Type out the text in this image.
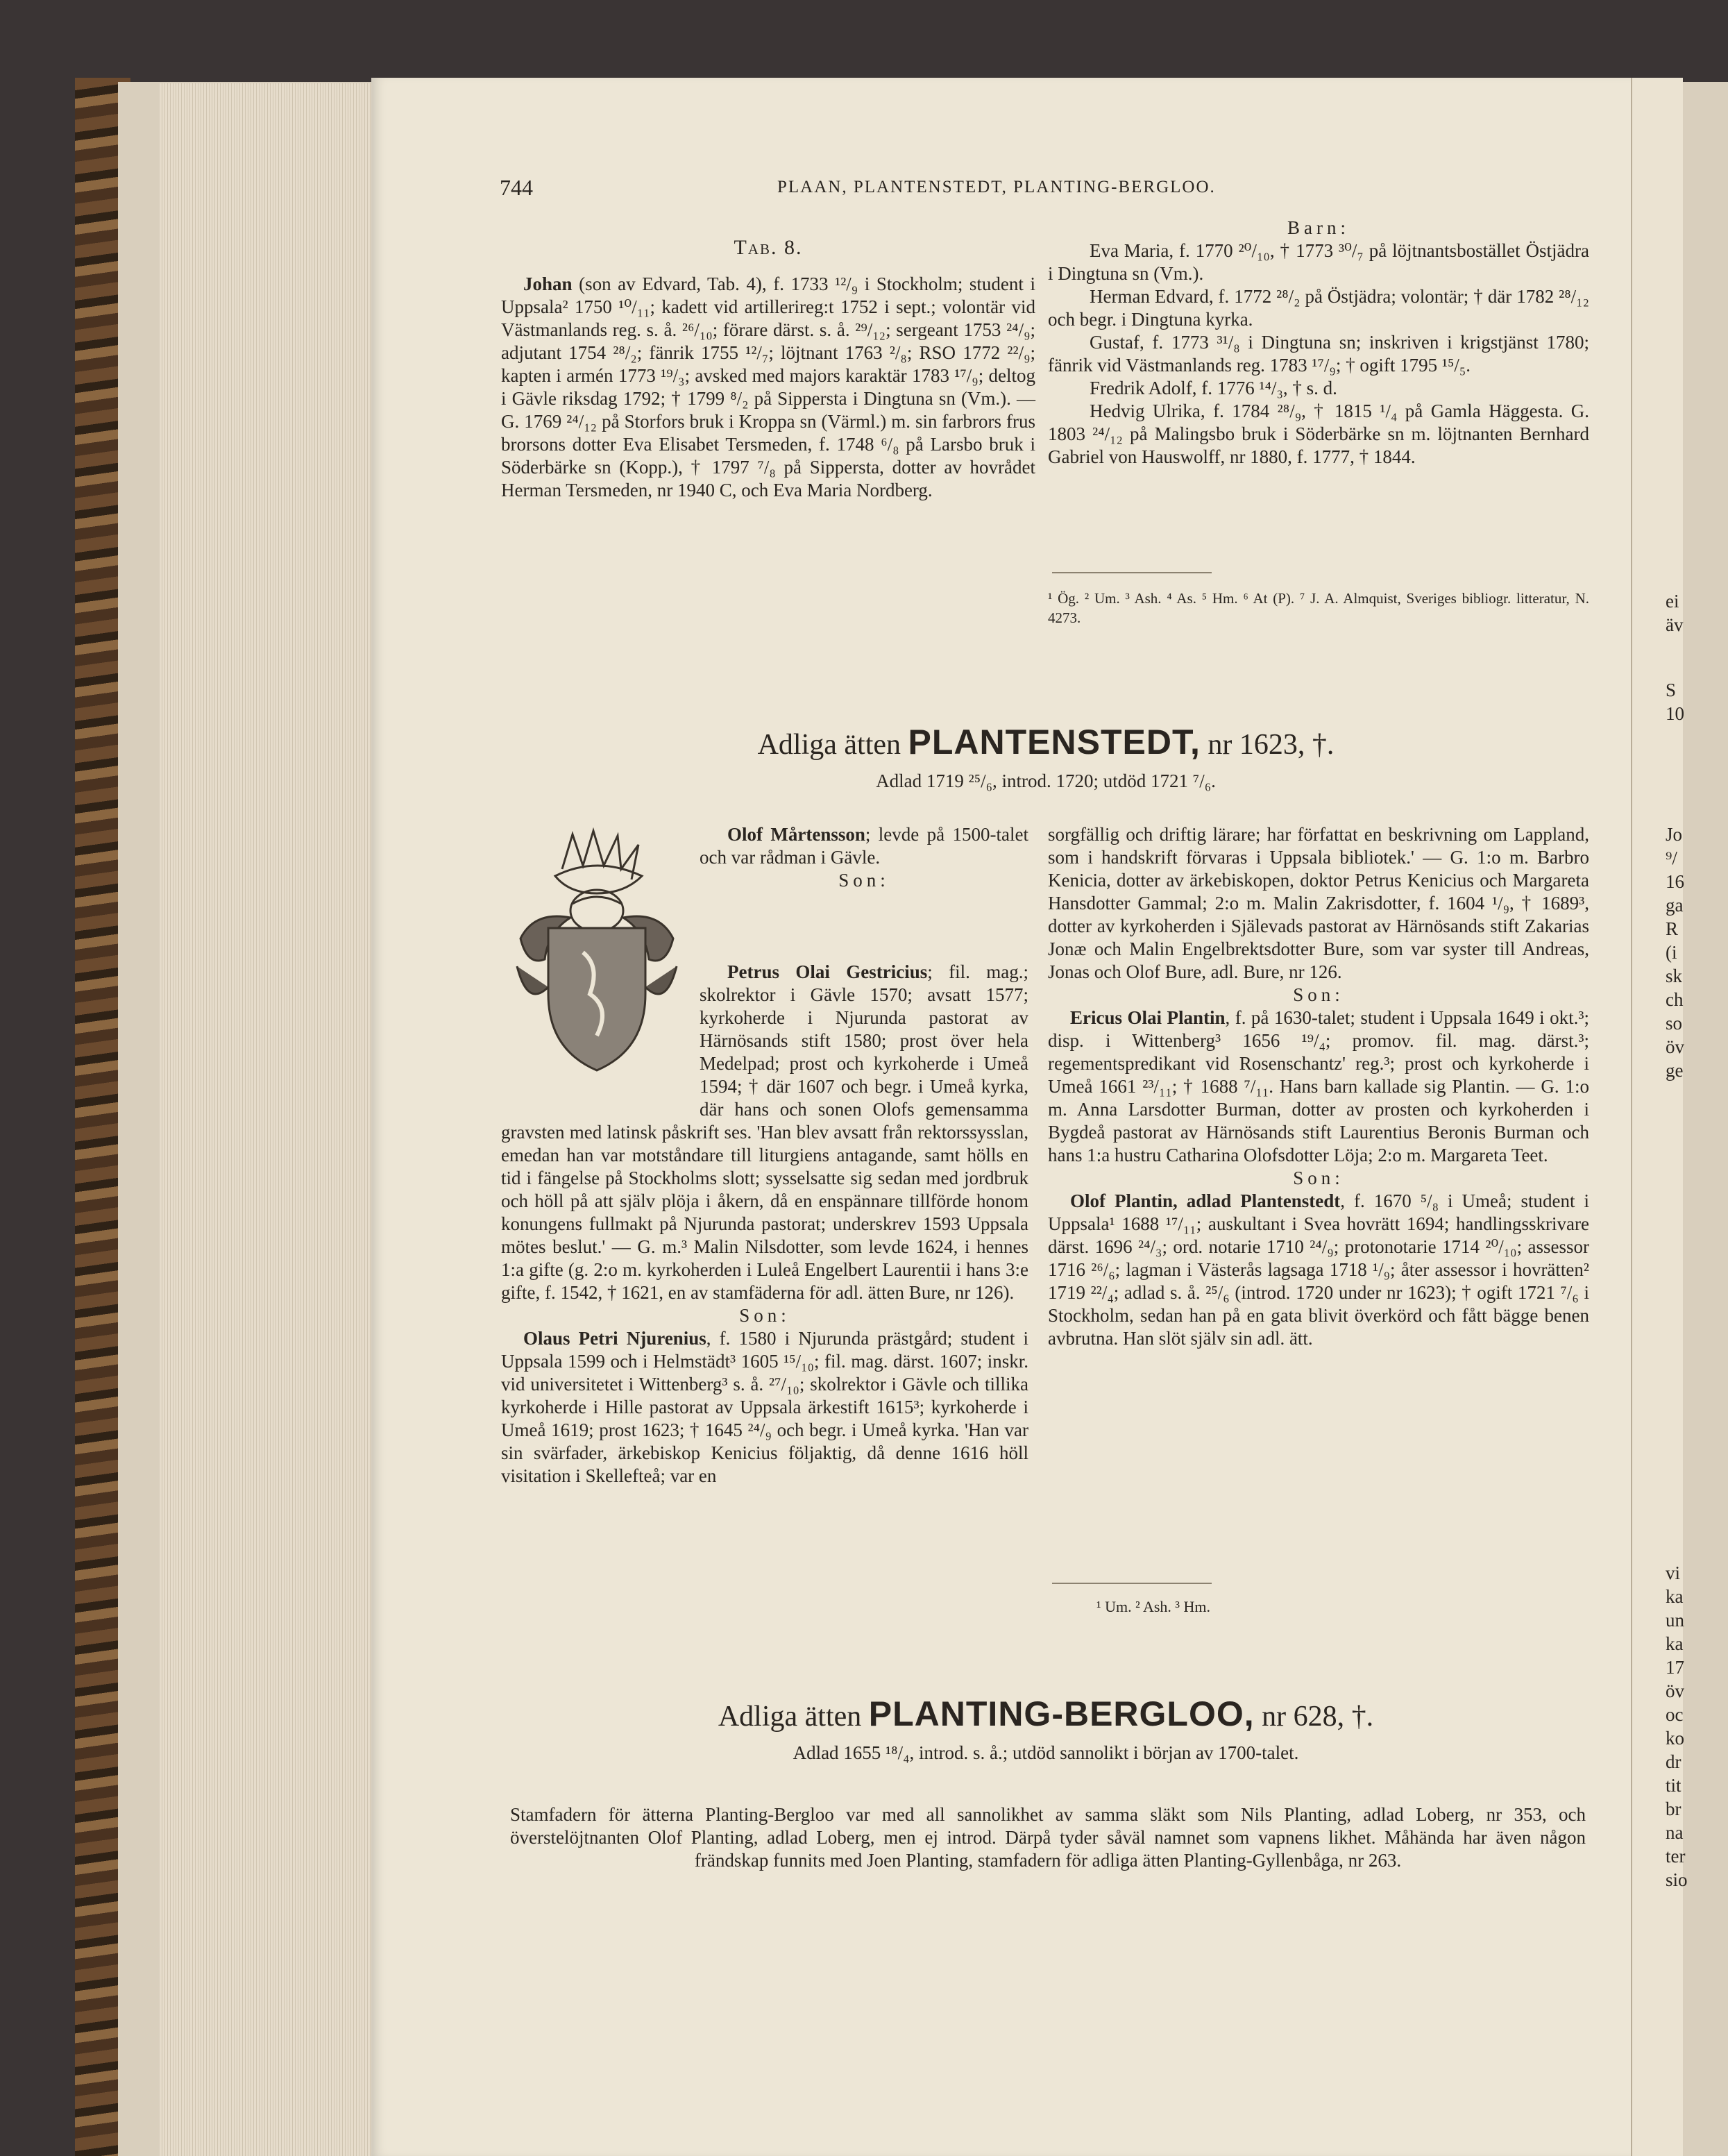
744	PLAAN, PLANTENSTEDT, PLANTING-BERGLOO.

Tab. 8.

Johan (son av Edvard, Tab. 4), f. 1733 ¹²/₉ i Stockholm; student i Uppsala² 1750 ¹⁰/₁₁; kadett vid artillerireg:t 1752 i sept.; volontär vid Västmanlands reg. s. å. ²⁶/₁₀; förare därst. s. å. ²⁹/₁₂; sergeant 1753 ²⁴/₉; adjutant 1754 ²⁸/₂; fänrik 1755 ¹²/₇; löjtnant 1763 ²/₈; RSO 1772 ²²/₉; kapten i armén 1773 ¹⁹/₃; avsked med majors karaktär 1783 ¹⁷/₉; deltog i Gävle riksdag 1792; † 1799 ⁸/₂ på Sippersta i Dingtuna sn (Vm.). — G. 1769 ²⁴/₁₂ på Storfors bruk i Kroppa sn (Värml.) m. sin farbrors frus brorsons dotter Eva Elisabet Tersmeden, f. 1748 ⁶/₈ på Larsbo bruk i Söderbärke sn (Kopp.), † 1797 ⁷/₈ på Sippersta, dotter av hovrådet Herman Tersmeden, nr 1940 C, och Eva Maria Nordberg.

Barn:

Eva Maria, f. 1770 ²⁰/₁₀, † 1773 ³⁰/₇ på löjtnantsbostället Östjädra i Dingtuna sn (Vm.).

Herman Edvard, f. 1772 ²⁸/₂ på Östjädra; volontär; † där 1782 ²⁸/₁₂ och begr. i Dingtuna kyrka.

Gustaf, f. 1773 ³¹/₈ i Dingtuna sn; inskriven i krigstjänst 1780; fänrik vid Västmanlands reg. 1783 ¹⁷/₉; † ogift 1795 ¹⁵/₅.

Fredrik Adolf, f. 1776 ¹⁴/₃, † s. d.

Hedvig Ulrika, f. 1784 ²⁸/₉, † 1815 ¹/₄ på Gamla Häggesta. G. 1803 ²⁴/₁₂ på Malingsbo bruk i Söderbärke sn m. löjtnanten Bernhard Gabriel von Hauswolff, nr 1880, f. 1777, † 1844.

¹ Ög. ² Um. ³ Ash. ⁴ As. ⁵ Hm. ⁶ At (P). ⁷ J. A. Almquist, Sveriges bibliogr. litteratur, N. 4273.
Adliga ätten PLANTENSTEDT, nr 1623, †.
Adlad 1719 ²⁵/₆, introd. 1720; utdöd 1721 ⁷/₆.

Olof Mårtensson; levde på 1500-talet och var rådman i Gävle.

Son:

Petrus Olai Gestricius; fil. mag.; skolrektor i Gävle 1570; avsatt 1577; kyrkoherde i Njurunda pastorat av Härnösands stift 1580; prost över hela Medelpad; prost och kyrkoherde i Umeå 1594; † där 1607 och begr. i Umeå kyrka, där hans och sonen Olofs gemensamma gravsten med latinsk påskrift ses. 'Han blev avsatt från rektorssysslan, emedan han var motståndare till liturgiens antagande, samt hölls en tid i fängelse på Stockholms slott; sysselsatte sig sedan med jordbruk och höll på att själv plöja i åkern, då en enspännare tillförde honom konungens fullmakt på Njurunda pastorat; underskrev 1593 Uppsala mötes beslut.' — G. m.³ Malin Nilsdotter, som levde 1624, i hennes 1:a gifte (g. 2:o m. kyrkoherden i Luleå Engelbert Laurentii i hans 3:e gifte, f. 1542, † 1621, en av stamfäderna för adl. ätten Bure, nr 126).

Son:

Olaus Petri Njurenius, f. 1580 i Njurunda prästgård; student i Uppsala 1599 och i Helmstädt³ 1605 ¹⁵/₁₀; fil. mag. därst. 1607; inskr. vid universitetet i Wittenberg³ s. å. ²⁷/₁₀; skolrektor i Gävle och tillika kyrkoherde i Hille pastorat av Uppsala ärkestift 1615³; kyrkoherde i Umeå 1619; prost 1623; † 1645 ²⁴/₉ och begr. i Umeå kyrka. 'Han var sin svärfader, ärkebiskop Kenicius följaktig, då denne 1616 höll visitation i Skellefteå; var en

sorgfällig och driftig lärare; har författat en beskrivning om Lappland, som i handskrift förvaras i Uppsala bibliotek.' — G. 1:o m. Barbro Kenicia, dotter av ärkebiskopen, doktor Petrus Kenicius och Margareta Hansdotter Gammal; 2:o m. Malin Zakrisdotter, f. 1604 ¹/₉, † 1689³, dotter av kyrkoherden i Själevads pastorat av Härnösands stift Zakarias Jonæ och Malin Engelbrektsdotter Bure, som var syster till Andreas, Jonas och Olof Bure, adl. Bure, nr 126.

Son:

Ericus Olai Plantin, f. på 1630-talet; student i Uppsala 1649 i okt.³; disp. i Wittenberg³ 1656 ¹⁹/₄; promov. fil. mag. därst.³; regementspredikant vid Rosenschantz' reg.³; prost och kyrkoherde i Umeå 1661 ²³/₁₁; † 1688 ⁷/₁₁. Hans barn kallade sig Plantin. — G. 1:o m. Anna Larsdotter Burman, dotter av prosten och kyrkoherden i Bygdeå pastorat av Härnösands stift Laurentius Beronis Burman och hans 1:a hustru Catharina Olofsdotter Löja; 2:o m. Margareta Teet.

Son:

Olof Plantin, adlad Plantenstedt, f. 1670 ⁵/₈ i Umeå; student i Uppsala¹ 1688 ¹⁷/₁₁; auskultant i Svea hovrätt 1694; handlingsskrivare därst. 1696 ²⁴/₃; ord. notarie 1710 ²⁴/₉; protonotarie 1714 ²⁰/₁₀; assessor 1716 ²⁶/₆; lagman i Västerås lagsaga 1718 ¹/₉; åter assessor i hovrätten² 1719 ²²/₄; adlad s. å. ²⁵/₆ (introd. 1720 under nr 1623); † ogift 1721 ⁷/₆ i Stockholm, sedan han på en gata blivit överkörd och fått bägge benen avbrutna. Han slöt själv sin adl. ätt.

¹ Um. ² Ash. ³ Hm.
Adliga ätten PLANTING-BERGLOO, nr 628, †.
Adlad 1655 ¹⁸/₄, introd. s. å.; utdöd sannolikt i början av 1700-talet.

Stamfadern för ätterna Planting-Bergloo var med all sannolikhet av samma släkt som Nils Planting, adlad Loberg, nr 353, och överstelöjtnanten Olof Planting, adlad Loberg, men ej introd. Därpå tyder såväl namnet som vapnens likhet. Måhända har även någon frändskap funnits med Joen Planting, stamfadern för adliga ätten Planting-Gyllenbåga, nr 263.

ei
äv
S
10
Jo
⁹/
16
ga
R
(i
sk
ch
so
öv
ge
vi
ka
un
ka
17
öv
oc
ko
dr
tit
br
na
ter
sio
